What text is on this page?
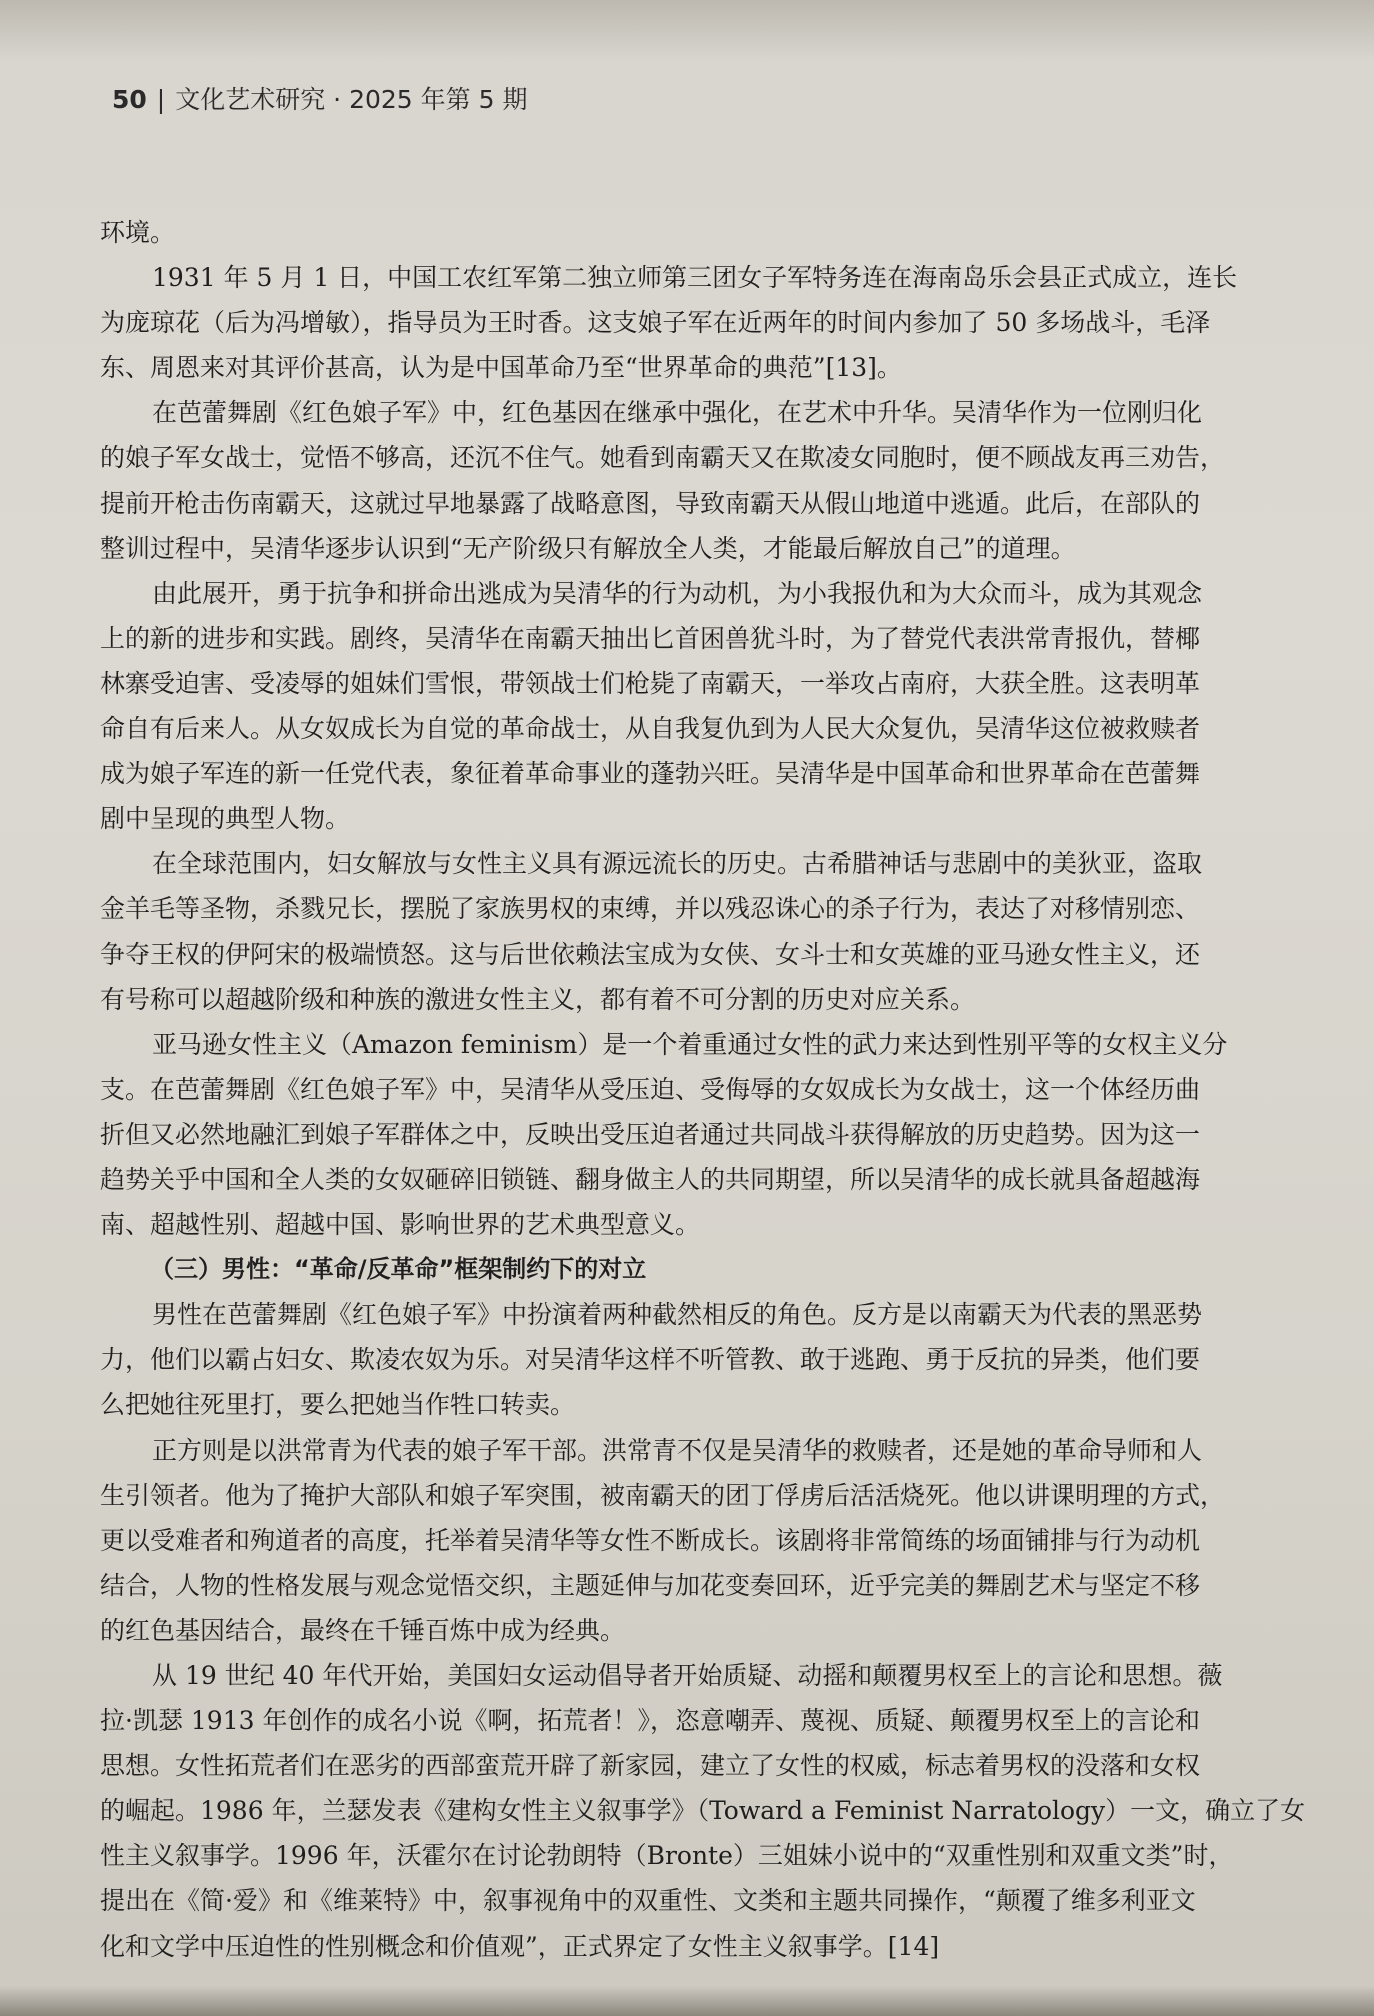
50 | 文化艺术研究 · 2025 年第 5 期
环境。
1931 年 5 月 1 日，中国工农红军第二独立师第三团女子军特务连在海南岛乐会县正式成立，连长
为庞琼花（后为冯增敏），指导员为王时香。这支娘子军在近两年的时间内参加了 50 多场战斗，毛泽
东、周恩来对其评价甚高，认为是中国革命乃至“世界革命的典范”[13]。
在芭蕾舞剧《红色娘子军》中，红色基因在继承中强化，在艺术中升华。吴清华作为一位刚归化
的娘子军女战士，觉悟不够高，还沉不住气。她看到南霸天又在欺凌女同胞时，便不顾战友再三劝告，
提前开枪击伤南霸天，这就过早地暴露了战略意图，导致南霸天从假山地道中逃遁。此后，在部队的
整训过程中，吴清华逐步认识到“无产阶级只有解放全人类，才能最后解放自己”的道理。
由此展开，勇于抗争和拼命出逃成为吴清华的行为动机，为小我报仇和为大众而斗，成为其观念
上的新的进步和实践。剧终，吴清华在南霸天抽出匕首困兽犹斗时，为了替党代表洪常青报仇，替椰
林寨受迫害、受凌辱的姐妹们雪恨，带领战士们枪毙了南霸天，一举攻占南府，大获全胜。这表明革
命自有后来人。从女奴成长为自觉的革命战士，从自我复仇到为人民大众复仇，吴清华这位被救赎者
成为娘子军连的新一任党代表，象征着革命事业的蓬勃兴旺。吴清华是中国革命和世界革命在芭蕾舞
剧中呈现的典型人物。
在全球范围内，妇女解放与女性主义具有源远流长的历史。古希腊神话与悲剧中的美狄亚，盗取
金羊毛等圣物，杀戮兄长，摆脱了家族男权的束缚，并以残忍诛心的杀子行为，表达了对移情别恋、
争夺王权的伊阿宋的极端愤怒。这与后世依赖法宝成为女侠、女斗士和女英雄的亚马逊女性主义，还
有号称可以超越阶级和种族的激进女性主义，都有着不可分割的历史对应关系。
亚马逊女性主义（Amazon feminism）是一个着重通过女性的武力来达到性别平等的女权主义分
支。在芭蕾舞剧《红色娘子军》中，吴清华从受压迫、受侮辱的女奴成长为女战士，这一个体经历曲
折但又必然地融汇到娘子军群体之中，反映出受压迫者通过共同战斗获得解放的历史趋势。因为这一
趋势关乎中国和全人类的女奴砸碎旧锁链、翻身做主人的共同期望，所以吴清华的成长就具备超越海
南、超越性别、超越中国、影响世界的艺术典型意义。
（三）男性：“革命/反革命”框架制约下的对立
男性在芭蕾舞剧《红色娘子军》中扮演着两种截然相反的角色。反方是以南霸天为代表的黑恶势
力，他们以霸占妇女、欺凌农奴为乐。对吴清华这样不听管教、敢于逃跑、勇于反抗的异类，他们要
么把她往死里打，要么把她当作牲口转卖。
正方则是以洪常青为代表的娘子军干部。洪常青不仅是吴清华的救赎者，还是她的革命导师和人
生引领者。他为了掩护大部队和娘子军突围，被南霸天的团丁俘虏后活活烧死。他以讲课明理的方式，
更以受难者和殉道者的高度，托举着吴清华等女性不断成长。该剧将非常简练的场面铺排与行为动机
结合，人物的性格发展与观念觉悟交织，主题延伸与加花变奏回环，近乎完美的舞剧艺术与坚定不移
的红色基因结合，最终在千锤百炼中成为经典。
从 19 世纪 40 年代开始，美国妇女运动倡导者开始质疑、动摇和颠覆男权至上的言论和思想。薇
拉·凯瑟 1913 年创作的成名小说《啊，拓荒者！》，恣意嘲弄、蔑视、质疑、颠覆男权至上的言论和
思想。女性拓荒者们在恶劣的西部蛮荒开辟了新家园，建立了女性的权威，标志着男权的没落和女权
的崛起。1986 年，兰瑟发表《建构女性主义叙事学》（Toward a Feminist Narratology）一文，确立了女
性主义叙事学。1996 年，沃霍尔在讨论勃朗特（Bronte）三姐妹小说中的“双重性别和双重文类”时，
提出在《简·爱》和《维莱特》中，叙事视角中的双重性、文类和主题共同操作，“颠覆了维多利亚文
化和文学中压迫性的性别概念和价值观”，正式界定了女性主义叙事学。[14]
